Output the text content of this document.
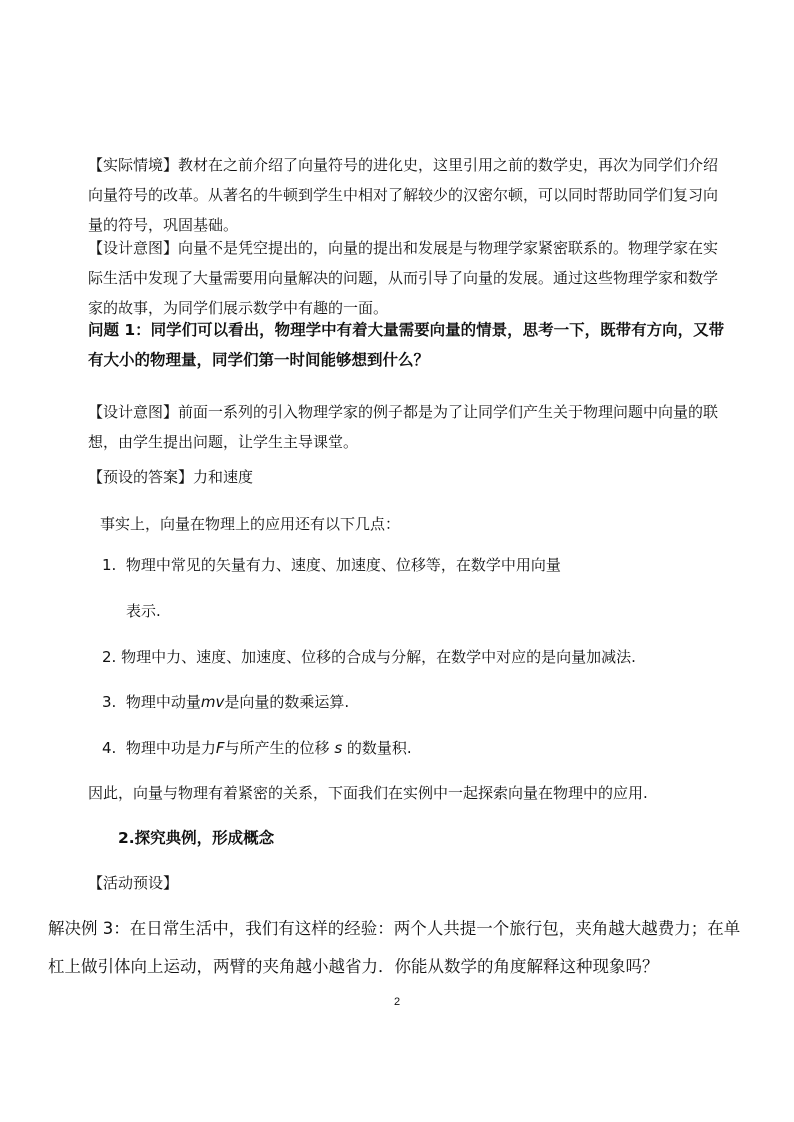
【实际情境】教材在之前介绍了向量符号的进化史，这里引用之前的数学史，再次为同学们介绍向量符号的改革。从著名的牛顿到学生中相对了解较少的汉密尔顿，可以同时帮助同学们复习向量的符号，巩固基础。

【设计意图】向量不是凭空提出的，向量的提出和发展是与物理学家紧密联系的。物理学家在实际生活中发现了大量需要用向量解决的问题，从而引导了向量的发展。通过这些物理学家和数学家的故事，为同学们展示数学中有趣的一面。

问题 1：同学们可以看出，物理学中有着大量需要向量的情景，思考一下，既带有方向，又带有大小的物理量，同学们第一时间能够想到什么？

【设计意图】前面一系列的引入物理学家的例子都是为了让同学们产生关于物理问题中向量的联想，由学生提出问题，让学生主导课堂。

【预设的答案】力和速度

事实上，向量在物理上的应用还有以下几点：

1. 物理中常见的矢量有力、速度、加速度、位移等，在数学中用向量

表示.

2. 物理中力、速度、加速度、位移的合成与分解，在数学中对应的是向量加减法.

3. 物理中动量mv是向量的数乘运算.

4. 物理中功是力F与所产生的位移 s 的数量积.

因此，向量与物理有着紧密的关系，下面我们在实例中一起探索向量在物理中的应用.

2.探究典例，形成概念

【活动预设】

解决例 3：在日常生活中，我们有这样的经验：两个人共提一个旅行包，夹角越大越费力；在单杠上做引体向上运动，两臂的夹角越小越省力．你能从数学的角度解释这种现象吗？

2
